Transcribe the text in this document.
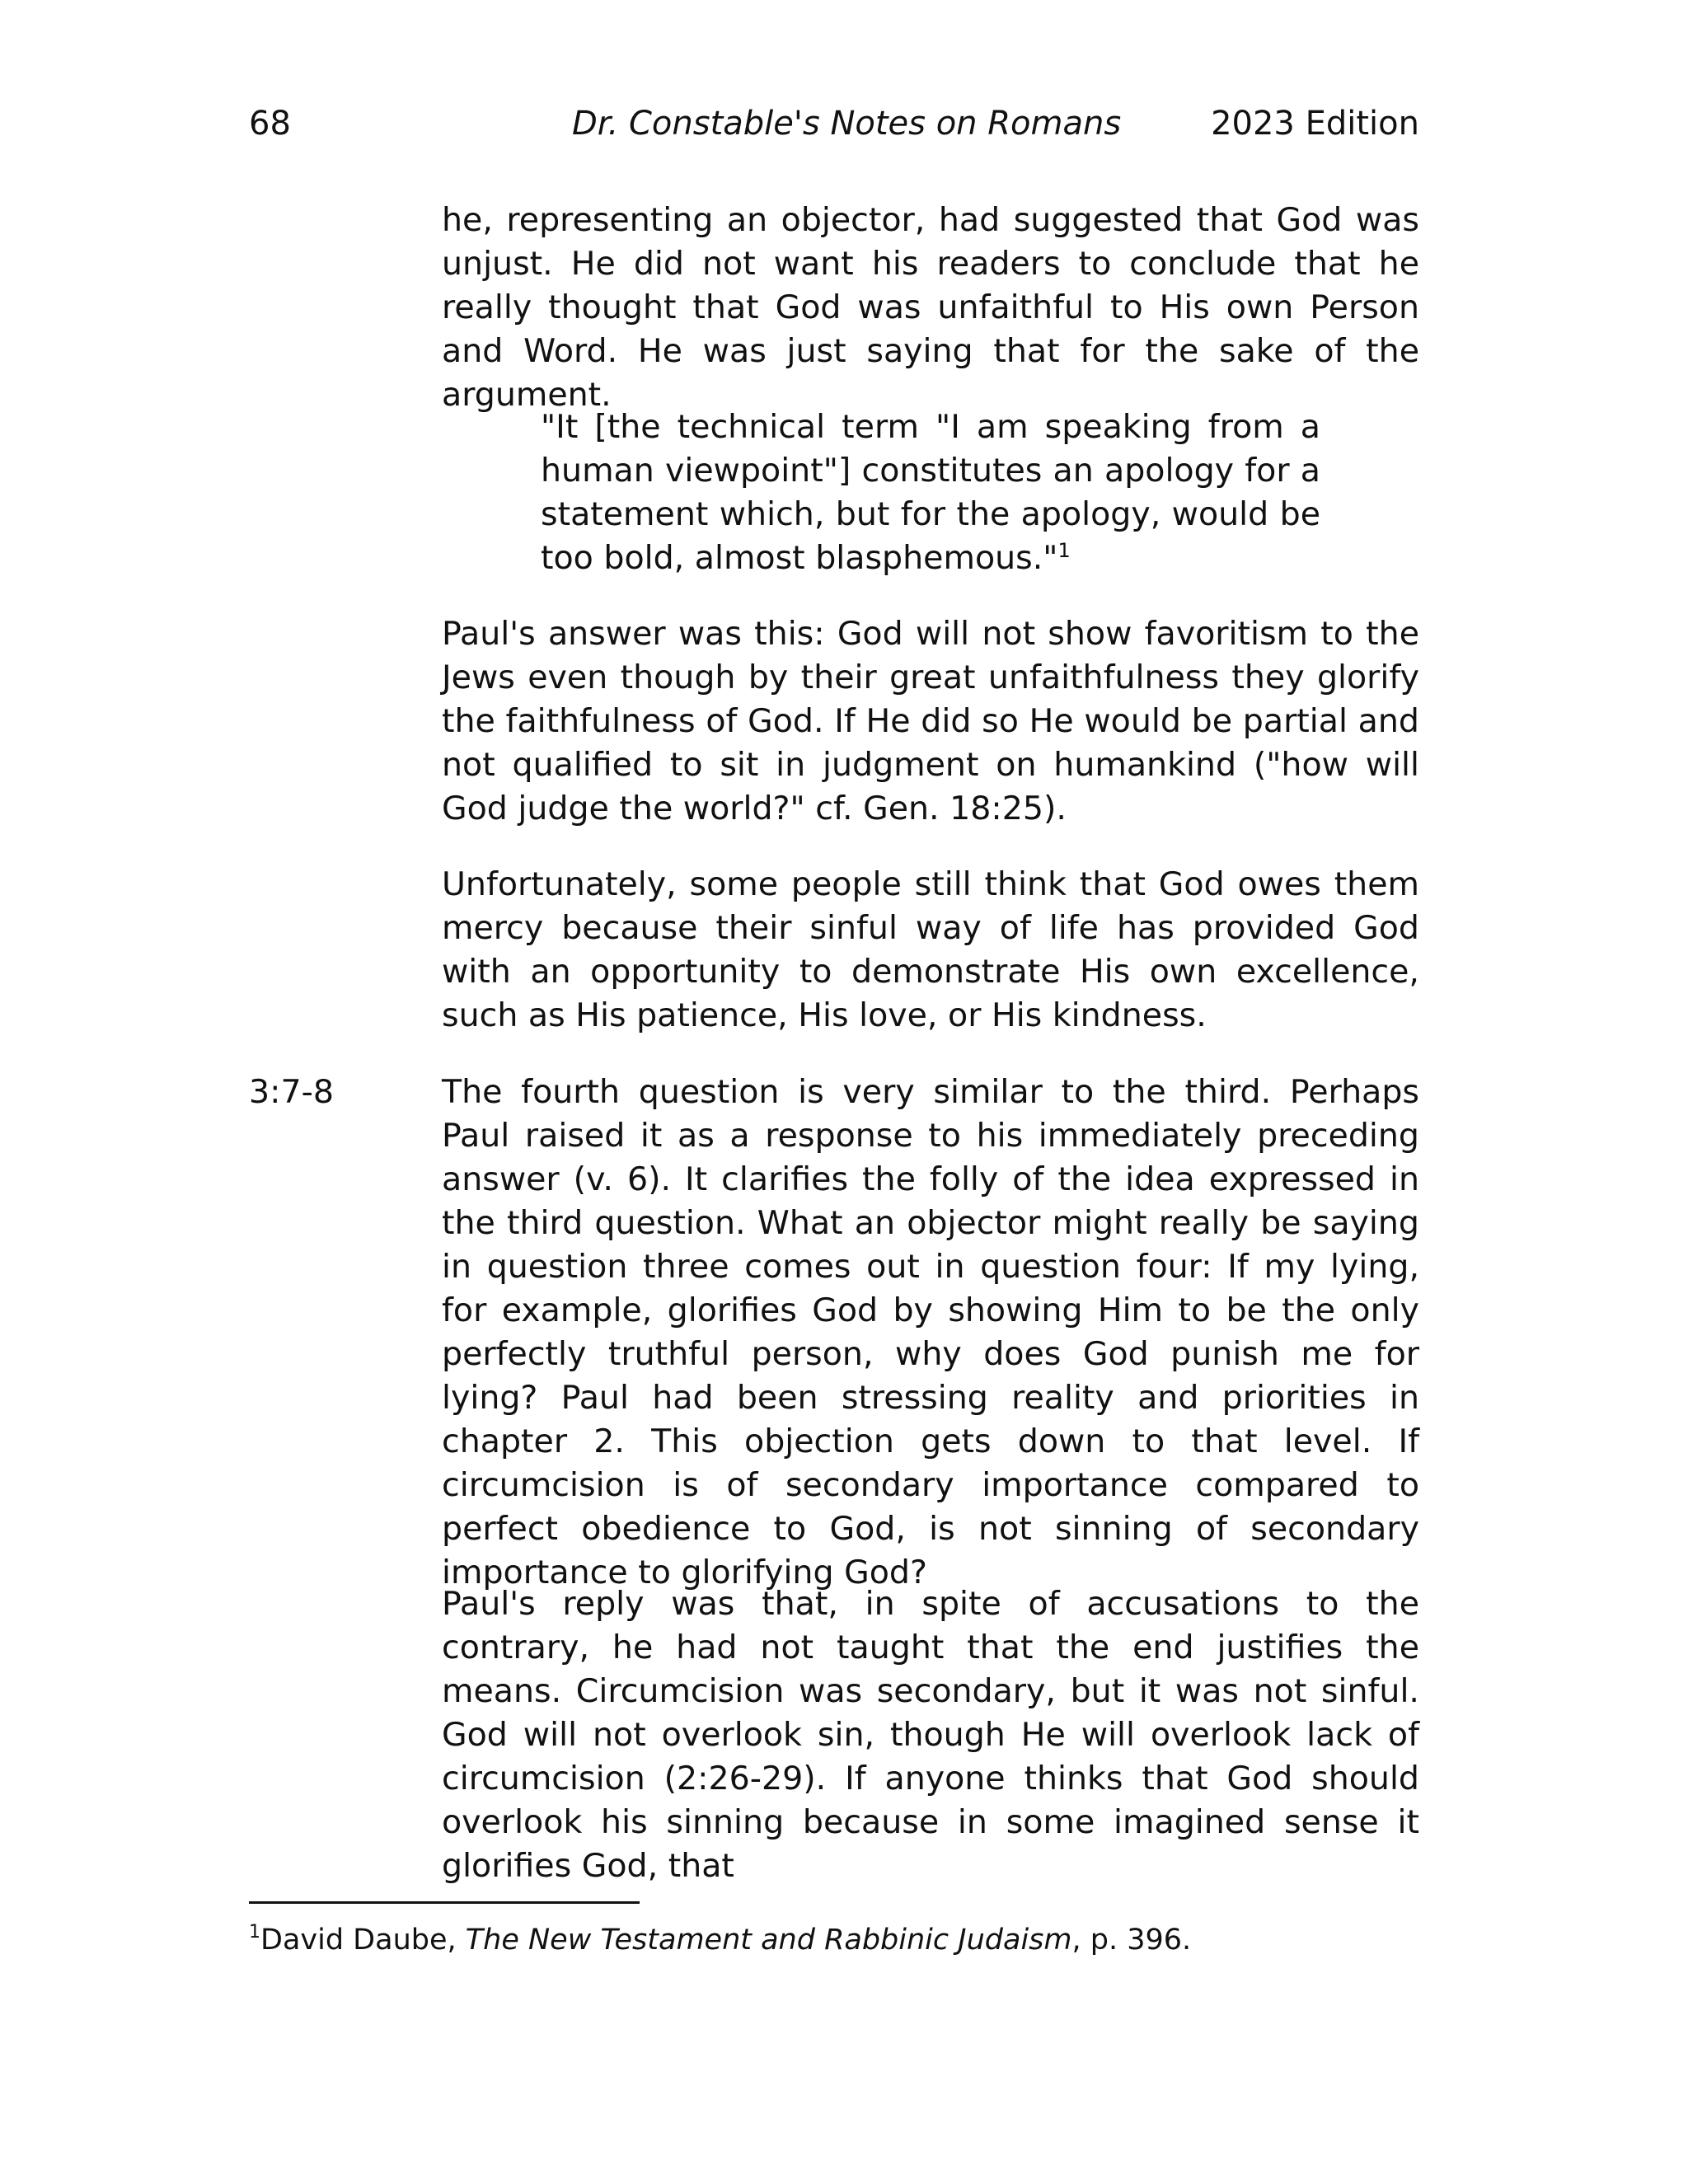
68	Dr. Constable's Notes on Romans	2023 Edition

he, representing an objector, had suggested that God was unjust. He did not want his readers to conclude that he really thought that God was unfaithful to His own Person and Word. He was just saying that for the sake of the argument.

"It [the technical term "I am speaking from a human viewpoint"] constitutes an apology for a statement which, but for the apology, would be too bold, almost blasphemous."$^1$

Paul's answer was this: God will not show favoritism to the Jews even though by their great unfaithfulness they glorify the faithfulness of God. If He did so He would be partial and not qualified to sit in judgment on humankind ("how will God judge the world?" cf. Gen. 18:25).

Unfortunately, some people still think that God owes them mercy because their sinful way of life has provided God with an opportunity to demonstrate His own excellence, such as His patience, His love, or His kindness.

3:7-8	The fourth question is very similar to the third. Perhaps Paul raised it as a response to his immediately preceding answer (v. 6). It clarifies the folly of the idea expressed in the third question. What an objector might really be saying in question three comes out in question four: If my lying, for example, glorifies God by showing Him to be the only perfectly truthful person, why does God punish me for lying? Paul had been stressing reality and priorities in chapter 2. This objection gets down to that level. If circumcision is of secondary importance compared to perfect obedience to God, is not sinning of secondary importance to glorifying God?

Paul's reply was that, in spite of accusations to the contrary, he had not taught that the end justifies the means. Circumcision was secondary, but it was not sinful. God will not overlook sin, though He will overlook lack of circumcision (2:26-29). If anyone thinks that God should overlook his sinning because in some imagined sense it glorifies God, that

$^1$David Daube, The New Testament and Rabbinic Judaism, p. 396.
